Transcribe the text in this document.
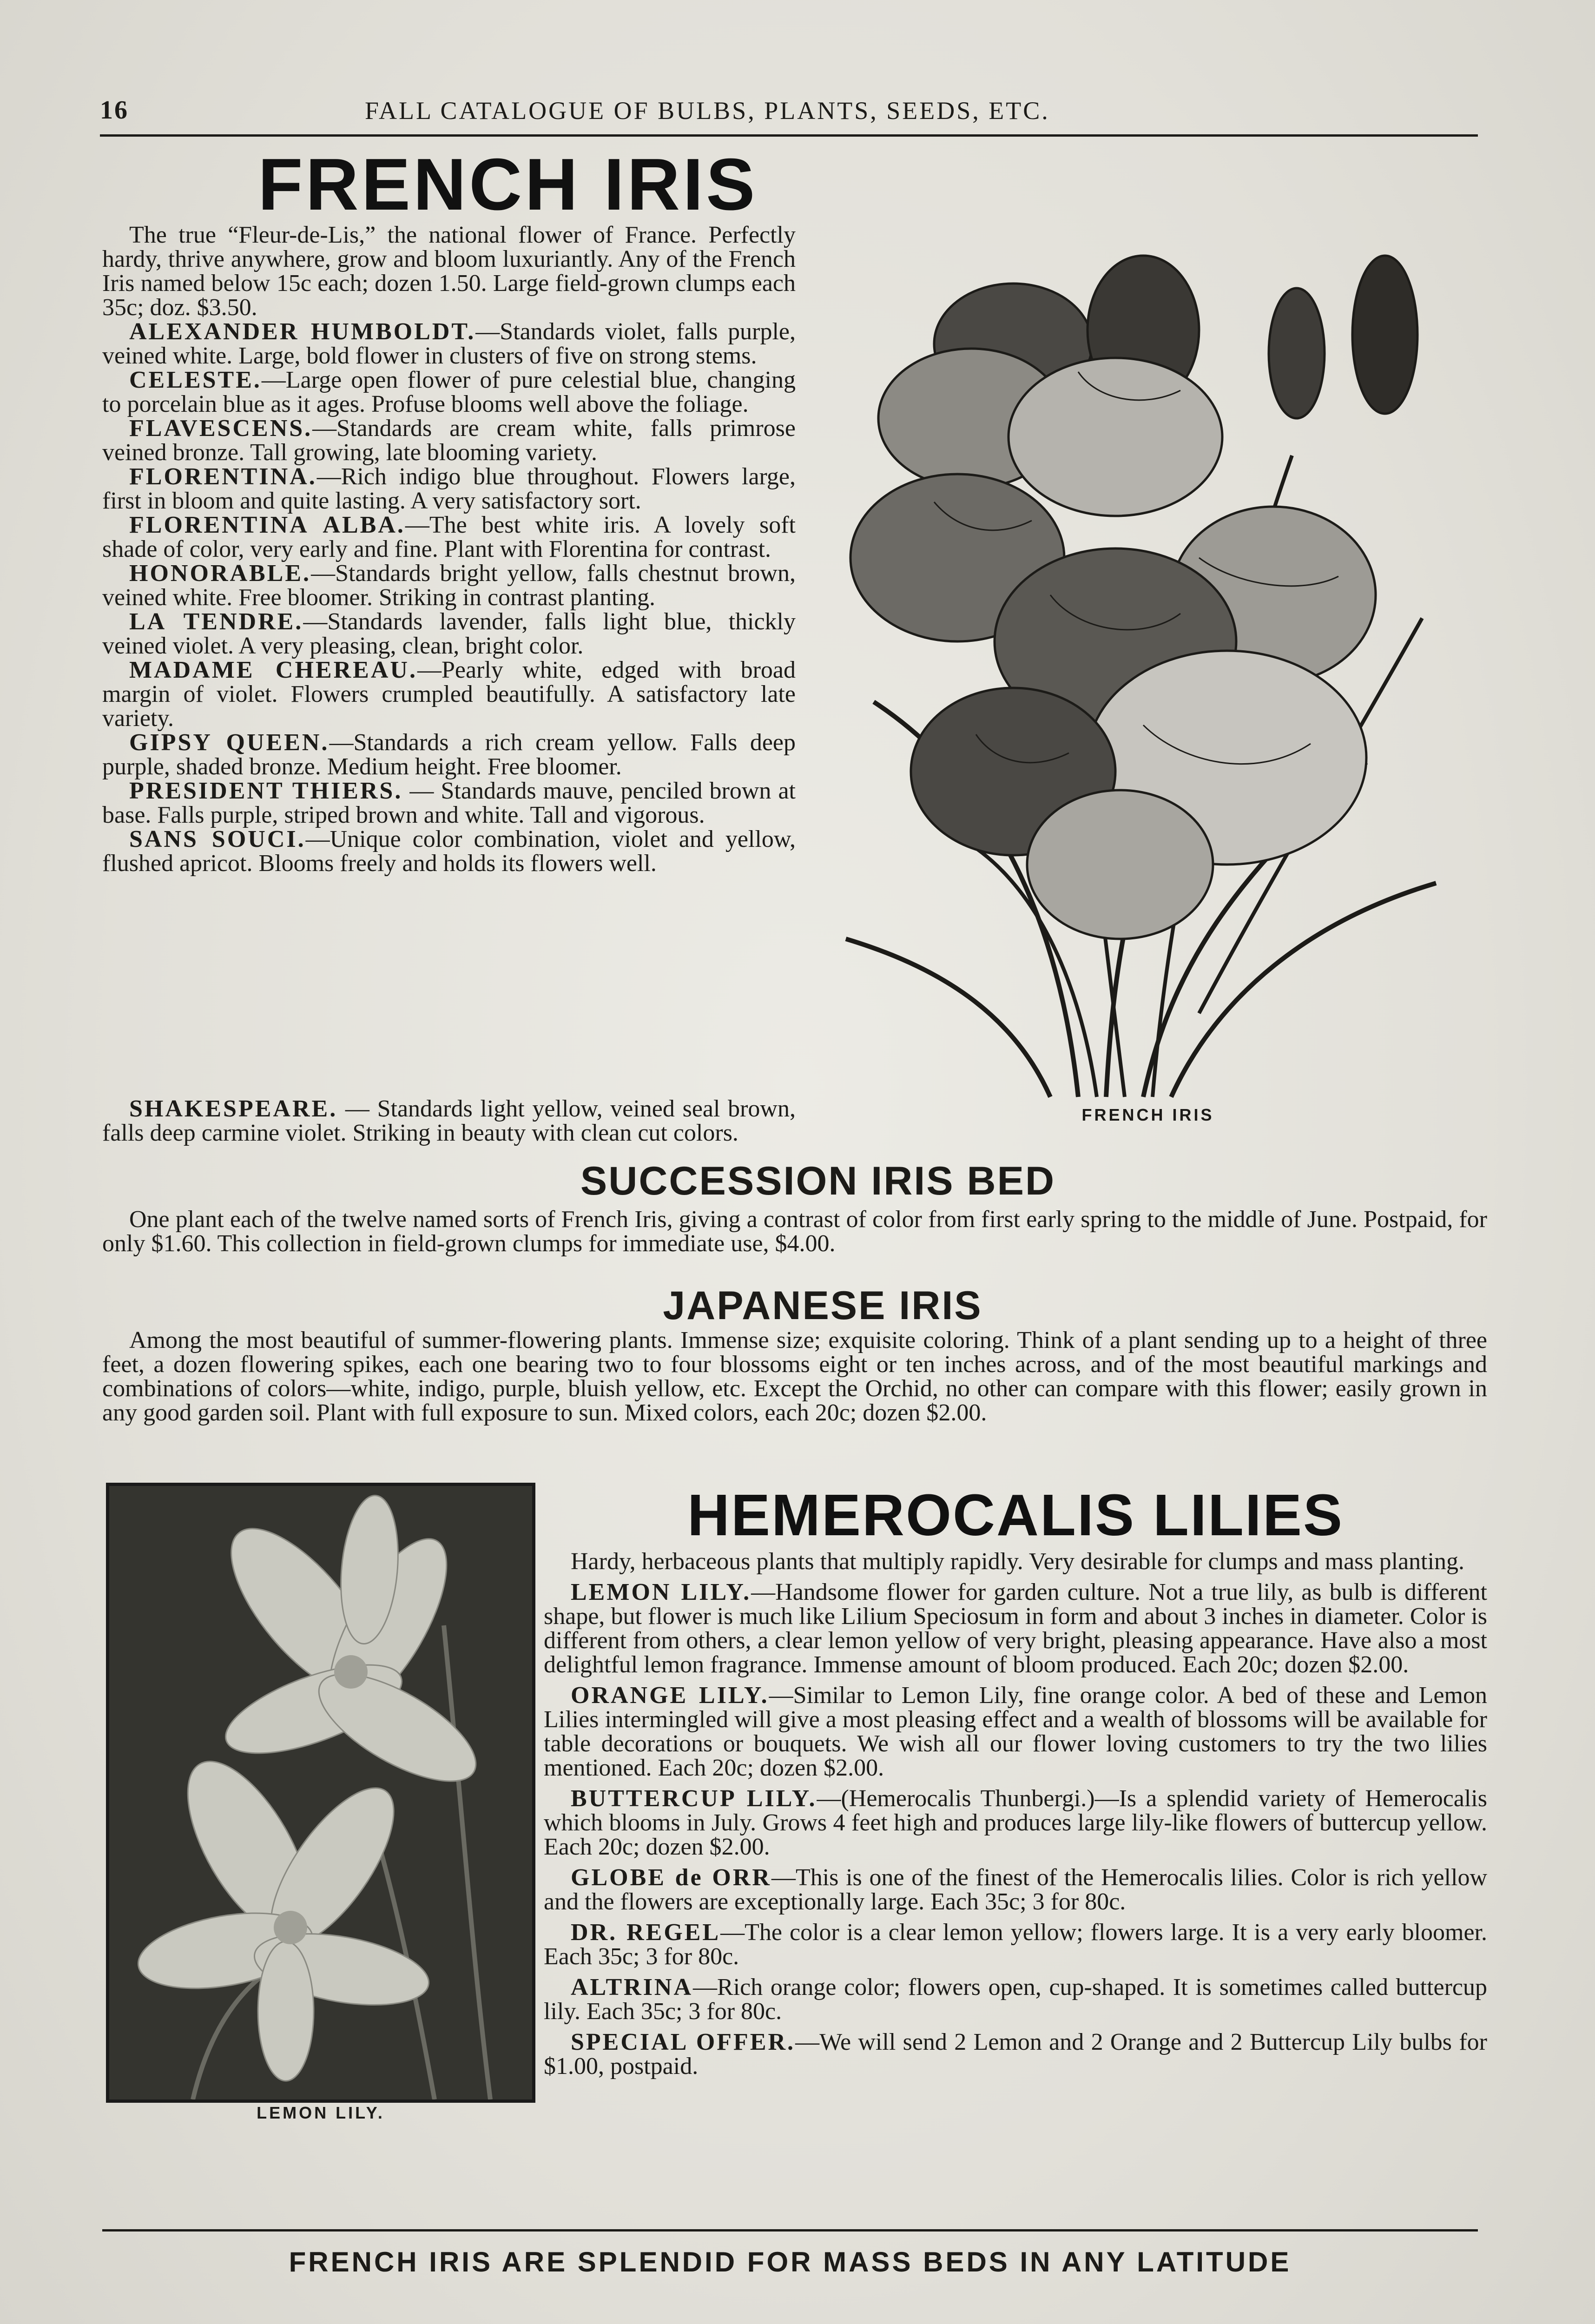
16	FALL CATALOGUE OF BULBS, PLANTS, SEEDS, ETC.
FRENCH IRIS

The true “Fleur-de-Lis,” the national flower of France. Perfectly hardy, thrive anywhere, grow and bloom luxuriantly. Any of the French Iris named below 15c each; dozen 1.50. Large field-grown clumps each 35c; doz. $3.50.

ALEXANDER HUMBOLDT.—Standards violet, falls purple, veined white. Large, bold flower in clusters of five on strong stems.

CELESTE.—Large open flower of pure celestial blue, changing to porcelain blue as it ages. Profuse blooms well above the foliage.

FLAVESCENS.—Standards are cream white, falls primrose veined bronze. Tall growing, late blooming variety.

FLORENTINA.—Rich indigo blue throughout. Flowers large, first in bloom and quite lasting. A very satisfactory sort.

FLORENTINA ALBA.—The best white iris. A lovely soft shade of color, very early and fine. Plant with Florentina for contrast.

HONORABLE.—Standards bright yellow, falls chestnut brown, veined white. Free bloomer. Striking in contrast planting.

LA TENDRE.—Standards lavender, falls light blue, thickly veined violet. A very pleasing, clean, bright color.

MADAME CHEREAU.—Pearly white, edged with broad margin of violet. Flowers crumpled beautifully. A satisfactory late variety.

GIPSY QUEEN.—Standards a rich cream yellow. Falls deep purple, shaded bronze. Medium height. Free bloomer.

PRESIDENT THIERS. — Standards mauve, penciled brown at base. Falls purple, striped brown and white. Tall and vigorous.

SANS SOUCI.—Unique color combination, violet and yellow, flushed apricot. Blooms freely and holds its flowers well.

SHAKESPEARE. — Standards light yellow, veined seal brown, falls deep carmine violet. Striking in beauty with clean cut colors.

FRENCH IRIS
SUCCESSION IRIS BED

One plant each of the twelve named sorts of French Iris, giving a contrast of color from first early spring to the middle of June. Postpaid, for only $1.60. This collection in field-grown clumps for immediate use, $4.00.

JAPANESE IRIS

Among the most beautiful of summer-flowering plants. Immense size; exquisite coloring. Think of a plant sending up to a height of three feet, a dozen flowering spikes, each one bearing two to four blossoms eight or ten inches across, and of the most beautiful markings and combinations of colors—white, indigo, purple, bluish yellow, etc. Except the Orchid, no other can compare with this flower; easily grown in any good garden soil. Plant with full exposure to sun. Mixed colors, each 20c; dozen $2.00.

LEMON LILY.
HEMEROCALIS LILIES

Hardy, herbaceous plants that multiply rapidly. Very desirable for clumps and mass planting.

LEMON LILY.—Handsome flower for garden culture. Not a true lily, as bulb is different shape, but flower is much like Lilium Speciosum in form and about 3 inches in diameter. Color is different from others, a clear lemon yellow of very bright, pleasing appearance. Have also a most delightful lemon fragrance. Immense amount of bloom produced. Each 20c; dozen $2.00.

ORANGE LILY.—Similar to Lemon Lily, fine orange color. A bed of these and Lemon Lilies intermingled will give a most pleasing effect and a wealth of blossoms will be available for table decorations or bouquets. We wish all our flower loving customers to try the two lilies mentioned. Each 20c; dozen $2.00.

BUTTERCUP LILY.—(Hemerocalis Thunbergi.)—Is a splendid variety of Hemerocalis which blooms in July. Grows 4 feet high and produces large lily-like flowers of buttercup yellow. Each 20c; dozen $2.00.

GLOBE de ORR—This is one of the finest of the Hemerocalis lilies. Color is rich yellow and the flowers are exceptionally large. Each 35c; 3 for 80c.

DR. REGEL—The color is a clear lemon yellow; flowers large. It is a very early bloomer. Each 35c; 3 for 80c.

ALTRINA—Rich orange color; flowers open, cup-shaped. It is sometimes called buttercup lily. Each 35c; 3 for 80c.

SPECIAL OFFER.—We will send 2 Lemon and 2 Orange and 2 Buttercup Lily bulbs for $1.00, postpaid.

FRENCH IRIS ARE SPLENDID FOR MASS BEDS IN ANY LATITUDE
